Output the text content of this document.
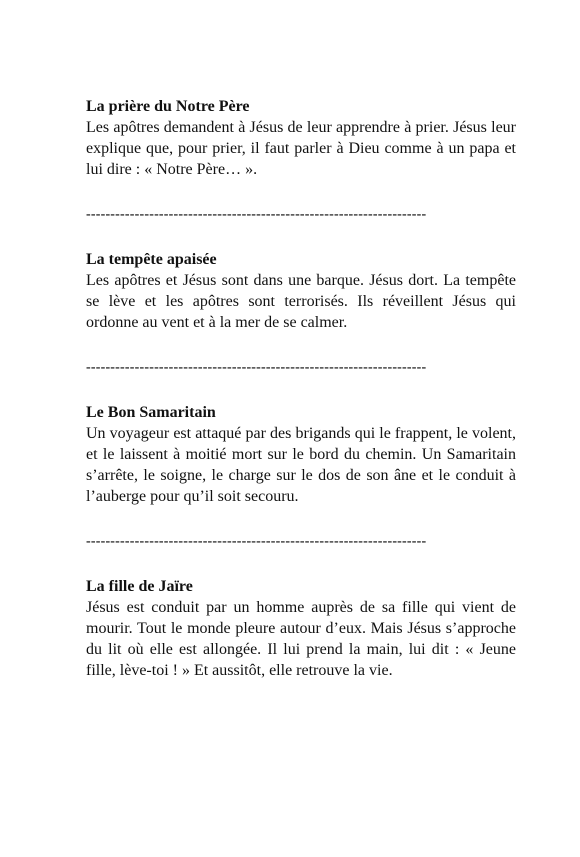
La prière du Notre Père

Les apôtres demandent à Jésus de leur apprendre à prier. Jésus leur explique que, pour prier, il faut parler à Dieu comme à un papa et lui dire : « Notre Père… ».

----------------------------------------------------------------------

La tempête apaisée

Les apôtres et Jésus sont dans une barque. Jésus dort. La tempête se lève et les apôtres sont terrorisés. Ils réveillent Jésus qui ordonne au vent et à la mer de se calmer.

----------------------------------------------------------------------

Le Bon Samaritain

Un voyageur est attaqué par des brigands qui le frappent, le volent, et le laissent à moitié mort sur le bord du chemin. Un Samaritain s’arrête, le soigne, le charge sur le dos de son âne et le conduit à l’auberge pour qu’il soit secouru.

----------------------------------------------------------------------

La fille de Jaïre

Jésus est conduit par un homme auprès de sa fille qui vient de mourir. Tout le monde pleure autour d’eux. Mais Jésus s’approche du lit où elle est allongée. Il lui prend la main, lui dit : « Jeune fille, lève-toi ! » Et aussitôt, elle retrouve la vie.
